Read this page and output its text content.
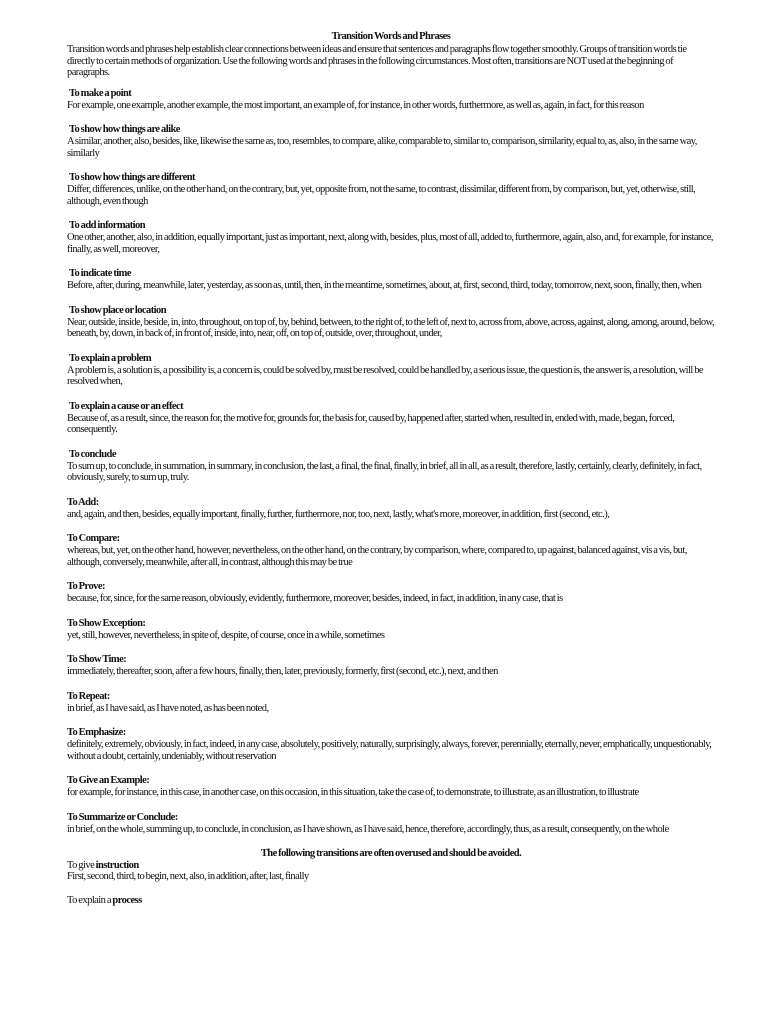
Transition Words and Phrases

Transition words and phrases help establish clear connections between ideas and ensure that sentences and paragraphs flow together smoothly. Groups of transition words tie directly to certain methods of organization. Use the following words and phrases in the following circumstances. Most often, transitions are NOT used at the beginning of paragraphs.

To make a point

For example, one example, another example, the most important, an example of, for instance, in other words, furthermore, as well as, again, in fact, for this reason

To show how things are alike

A similar, another, also, besides, like, likewise the same as, too, resembles, to compare, alike, comparable to, similar to, comparison, similarity, equal to, as, also, in the same way, similarly

To show how things are different

Differ, differences, unlike, on the other hand, on the contrary, but, yet, opposite from, not the same, to contrast, dissimilar, different from, by comparison, but, yet, otherwise, still, although, even though

To add information

One other, another, also, in addition, equally important, just as important, next, along with, besides, plus, most of all, added to, furthermore, again, also, and, for example, for instance, finally, as well, moreover,

To indicate time

Before, after, during, meanwhile, later, yesterday, as soon as, until, then, in the meantime, sometimes, about, at, first, second, third, today, tomorrow, next, soon, finally, then, when

To show place or location

Near, outside, inside, beside, in, into, throughout, on top of, by, behind, between, to the right of, to the left of, next to, across from, above, across, against, along, among, around, below, beneath, by, down, in back of, in front of, inside, into, near, off, on top of, outside, over, throughout, under,

To explain a problem

A problem is, a solution is, a possibility is, a concern is, could be solved by, must be resolved, could be handled by, a serious issue, the question is, the answer is, a resolution, will be resolved when,

To explain a cause or an effect

Because of, as a result, since, the reason for, the motive for, grounds for, the basis for, caused by, happened after, started when, resulted in, ended with, made, began, forced, consequently.

To conclude

To sum up, to conclude, in summation, in summary, in conclusion, the last, a final, the final, finally, in brief, all in all, as a result, therefore, lastly, certainly, clearly, definitely, in fact, obviously, surely, to sum up, truly.

To Add:

and, again, and then, besides, equally important, finally, further, furthermore, nor, too, next, lastly, what's more, moreover, in addition, first (second, etc.),

To Compare:

whereas, but, yet, on the other hand, however, nevertheless, on the other hand, on the contrary, by comparison, where, compared to, up against, balanced against, vis a vis, but, although, conversely, meanwhile, after all, in contrast, although this may be true

To Prove:

because, for, since, for the same reason, obviously, evidently, furthermore, moreover, besides, indeed, in fact, in addition, in any case, that is

To Show Exception:

yet, still, however, nevertheless, in spite of, despite, of course, once in a while, sometimes

To Show Time:

immediately, thereafter, soon, after a few hours, finally, then, later, previously, formerly, first (second, etc.), next, and then

To Repeat:

in brief, as I have said, as I have noted, as has been noted,

To Emphasize:

definitely, extremely, obviously, in fact, indeed, in any case, absolutely, positively, naturally, surprisingly, always, forever, perennially, eternally, never, emphatically, unquestionably, without a doubt, certainly, undeniably, without reservation

To Give an Example:

for example, for instance, in this case, in another case, on this occasion, in this situation, take the case of, to demonstrate, to illustrate, as an illustration, to illustrate

To Summarize or Conclude:

in brief, on the whole, summing up, to conclude, in conclusion, as I have shown, as I have said, hence, therefore, accordingly, thus, as a result, consequently, on the whole

The following transitions are often overused and should be avoided.

To give instruction

First, second, third, to begin, next, also, in addition, after, last, finally

To explain a process
